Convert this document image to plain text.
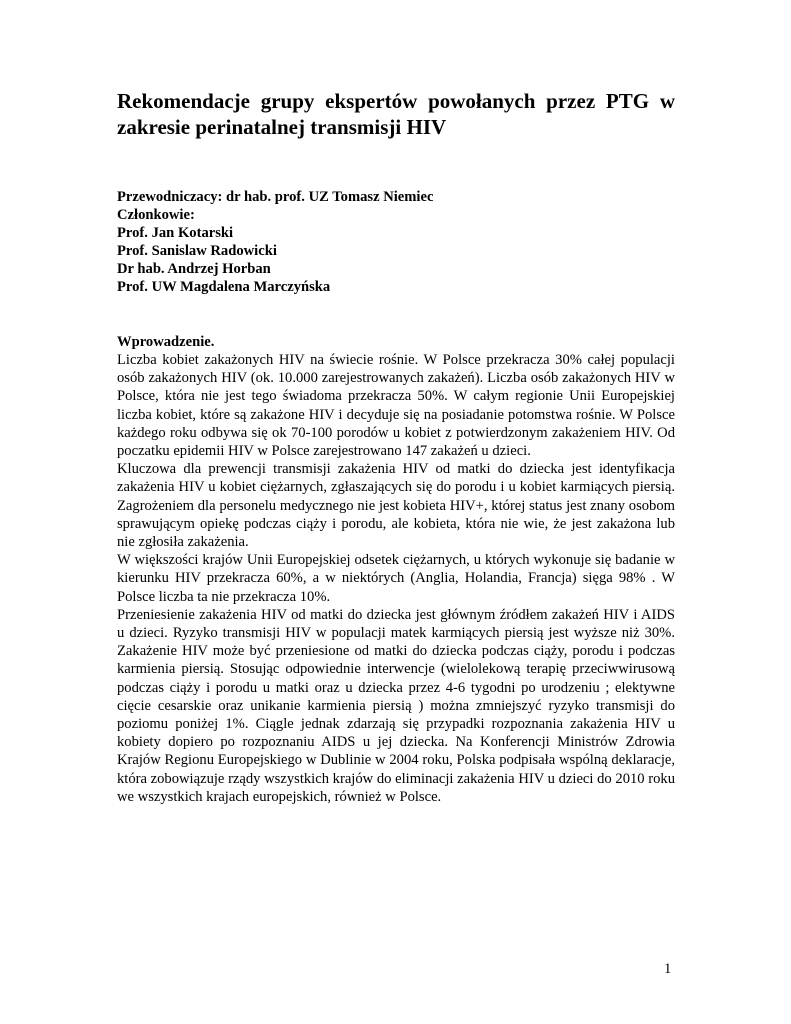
Rekomendacje grupy ekspertów powołanych przez PTG w zakresie perinatalnej transmisji HIV
Przewodniczacy: dr hab. prof. UZ Tomasz Niemiec
Członkowie:
Prof. Jan Kotarski
Prof. Sanislaw Radowicki
Dr hab. Andrzej Horban
Prof. UW Magdalena Marczyńska
Wprowadzenie.

Liczba kobiet zakażonych HIV na świecie rośnie. W Polsce przekracza 30% całej populacji osób zakażonych HIV (ok. 10.000 zarejestrowanych zakażeń). Liczba osób zakażonych HIV w Polsce, która nie jest tego świadoma przekracza 50%. W całym regionie Unii Europejskiej liczba kobiet, które są zakażone HIV i decyduje się na posiadanie potomstwa rośnie. W Polsce każdego roku odbywa się ok 70-100 porodów u kobiet z potwierdzonym zakażeniem HIV. Od poczatku epidemii HIV w Polsce zarejestrowano 147 zakażeń u dzieci.

Kluczowa dla prewencji transmisji zakażenia HIV od matki do dziecka jest identyfikacja zakażenia HIV u kobiet ciężarnych, zgłaszających się do porodu i u kobiet karmiących piersią. Zagrożeniem dla personelu medycznego nie jest kobieta HIV+, której status jest znany osobom sprawującym opiekę podczas ciąży i porodu, ale kobieta, która nie wie, że jest zakażona lub nie zgłosiła zakażenia.

W większości krajów Unii Europejskiej odsetek ciężarnych, u których wykonuje się badanie w kierunku HIV przekracza 60%, a w niektórych (Anglia, Holandia, Francja) sięga 98% . W Polsce liczba ta nie przekracza 10%.

Przeniesienie zakażenia HIV od matki do dziecka jest głównym źródłem zakażeń HIV i AIDS u dzieci. Ryzyko transmisji HIV w populacji matek karmiących piersią jest wyższe niż 30%. Zakażenie HIV może być przeniesione od matki do dziecka podczas ciąży, porodu i podczas karmienia piersią. Stosując odpowiednie interwencje (wielolekową terapię przeciwwirusową podczas ciąży i porodu u matki oraz u dziecka przez 4-6 tygodni po urodzeniu ; elektywne cięcie cesarskie oraz unikanie karmienia piersią ) można zmniejszyć ryzyko transmisji do poziomu poniżej 1%. Ciągle jednak zdarzają się przypadki rozpoznania zakażenia HIV u kobiety dopiero po rozpoznaniu AIDS u jej dziecka. Na Konferencji Ministrów Zdrowia Krajów Regionu Europejskiego w Dublinie w 2004 roku, Polska podpisała wspólną deklaracje, która zobowiązuje rządy wszystkich krajów do eliminacji zakażenia HIV u dzieci do 2010 roku we wszystkich krajach europejskich, również w Polsce.

1
